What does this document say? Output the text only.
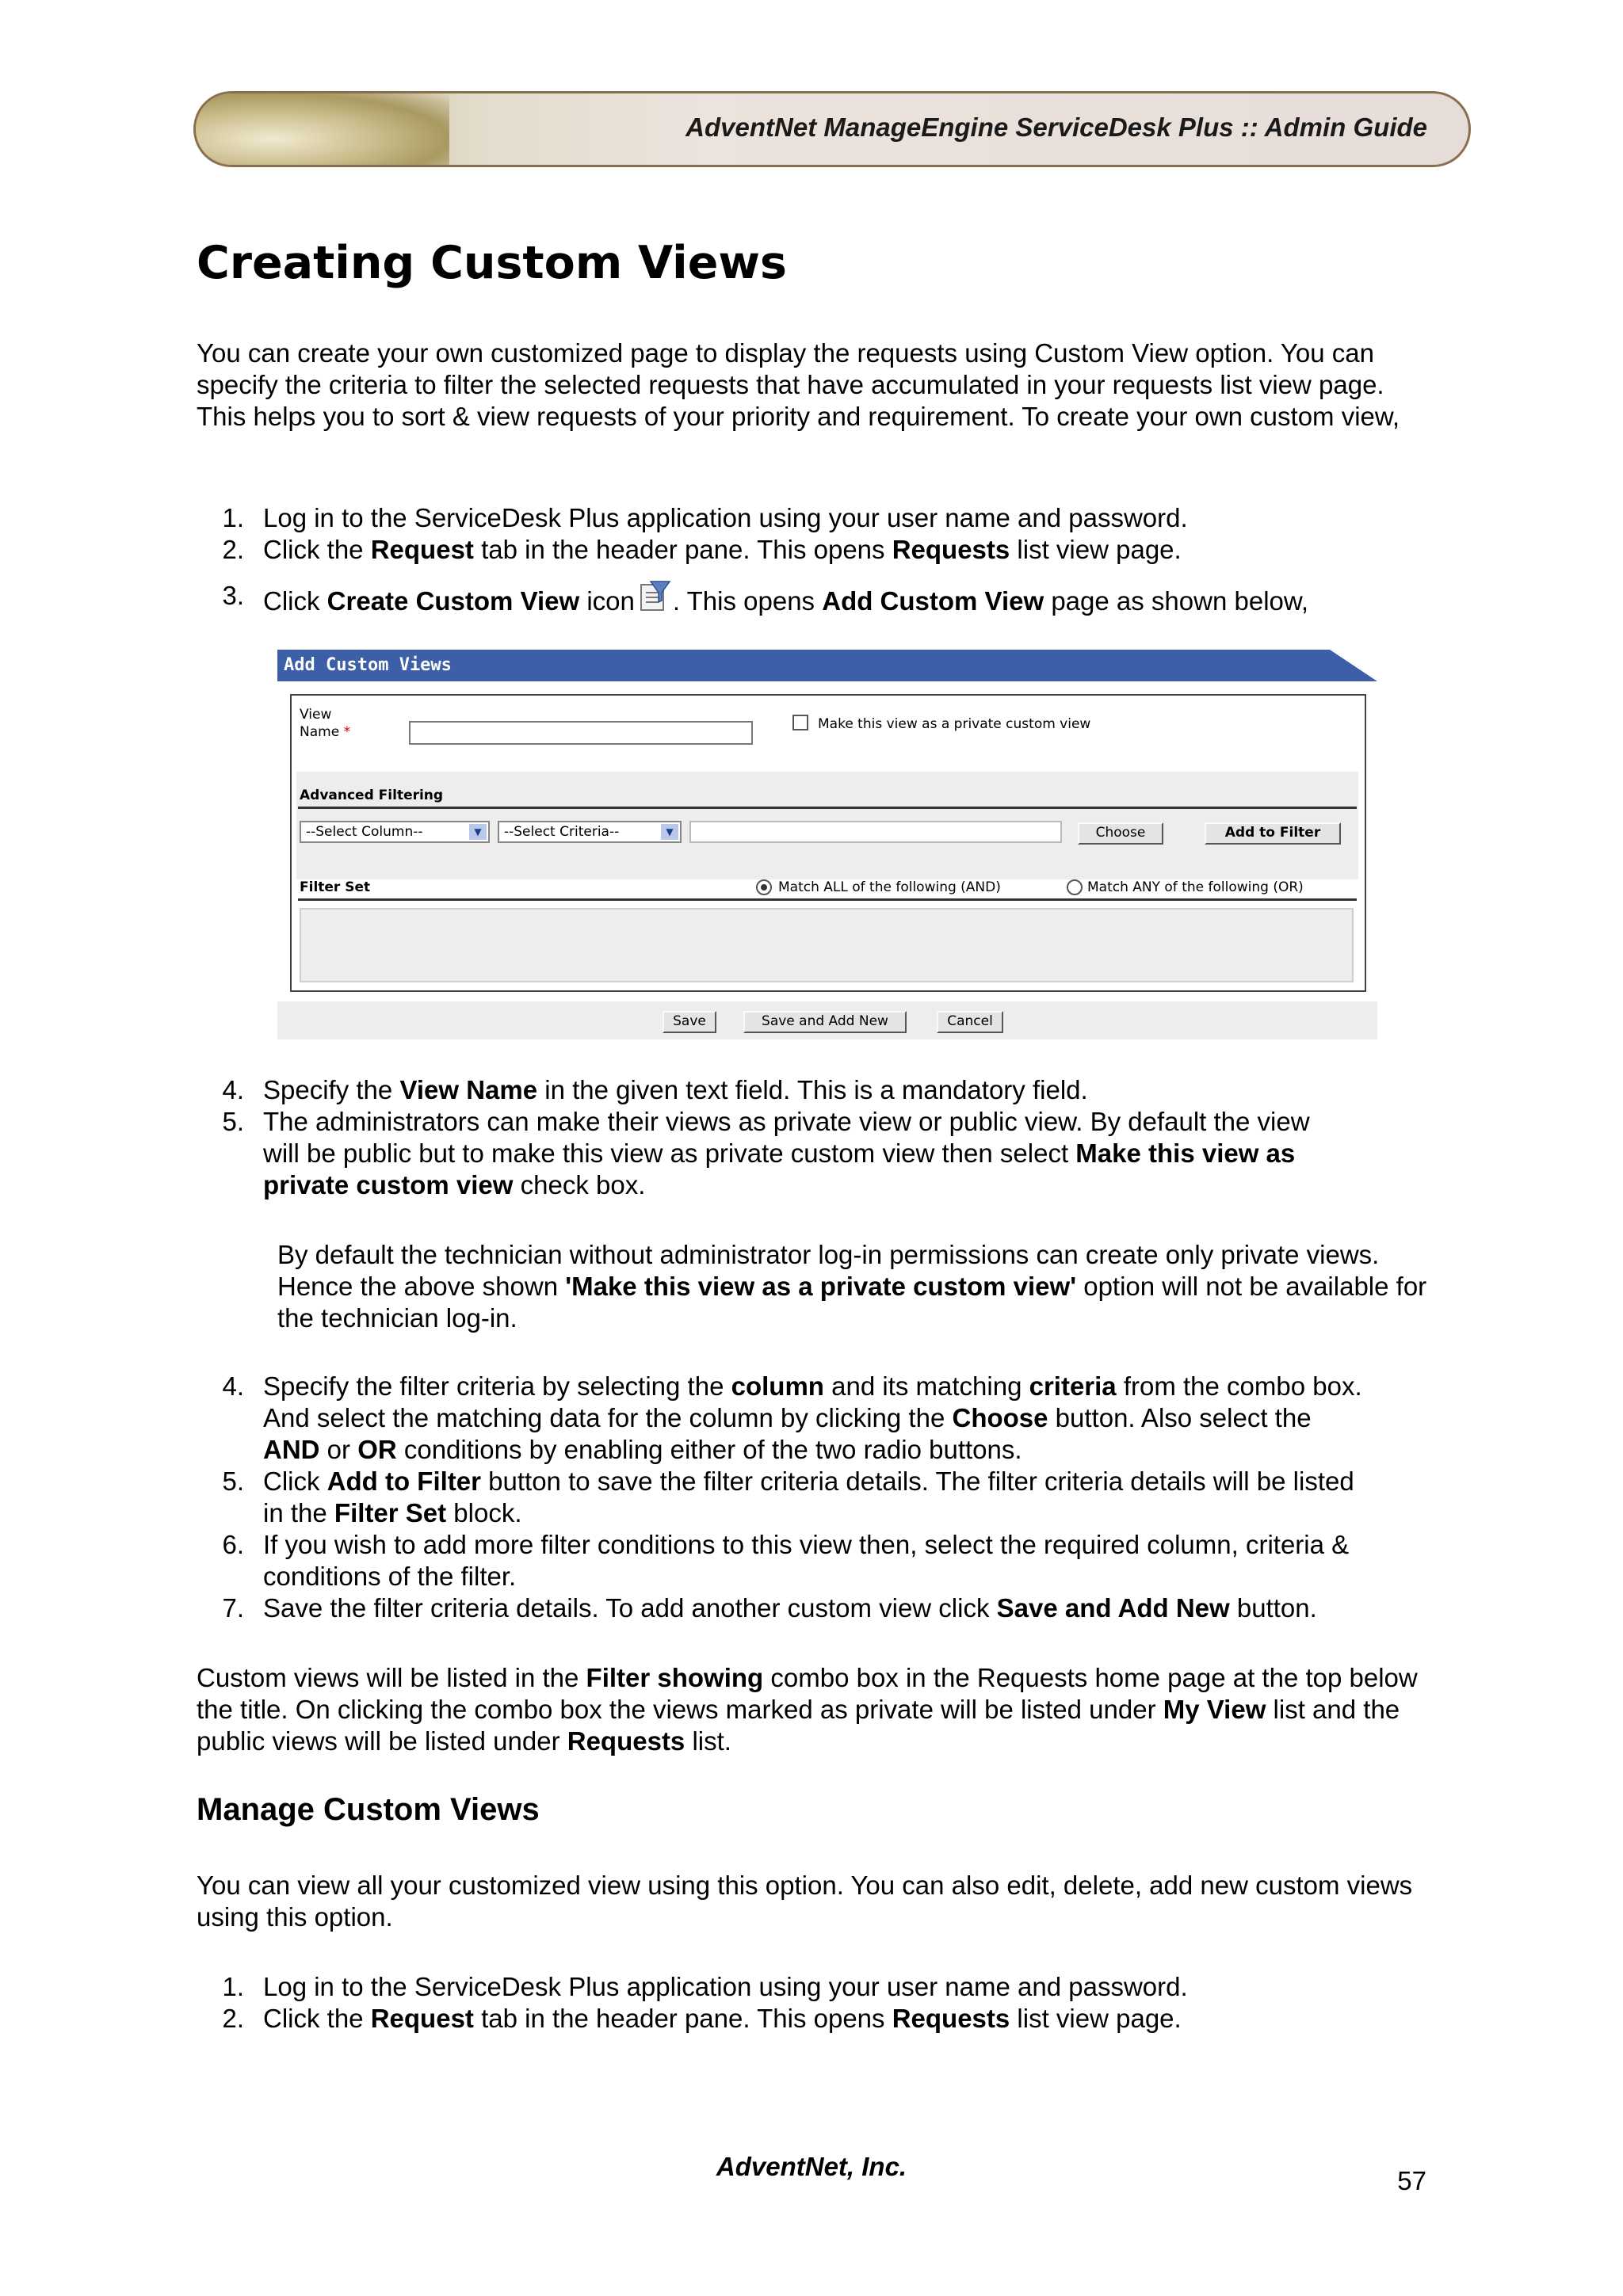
AdventNet ManageEngine ServiceDesk Plus :: Admin Guide
Creating Custom Views

You can create your own customized page to display the requests using Custom View option. You can specify the criteria to filter the selected requests that have accumulated in your requests list view page. This helps you to sort & view requests of your priority and requirement. To create your own custom view,

1. Log in to the ServiceDesk Plus application using your user name and password.
2. Click the Request tab in the header pane. This opens Requests list view page.
3. Click Create Custom View icon . This opens Add Custom View page as shown below,
Add Custom Views
View
Name *	Make this view as a private custom view
Advanced Filtering
--Select Column--	▼	--Select Criteria--	▼	Choose	Add to Filter
Filter Set	Match ALL of the following (AND)	Match ANY of the following (OR)
Save	Save and Add New	Cancel
4. Specify the View Name in the given text field. This is a mandatory field.
5. The administrators can make their views as private view or public view. By default the view
will be public but to make this view as private custom view then select Make this view as
private custom view check box.

By default the technician without administrator log-in permissions can create only private views. Hence the above shown 'Make this view as a private custom view' option will not be available for the technician log-in.

4. Specify the filter criteria by selecting the column and its matching criteria from the combo box. And select the matching data for the column by clicking the Choose button. Also select the AND or OR conditions by enabling either of the two radio buttons.
5. Click Add to Filter button to save the filter criteria details. The filter criteria details will be listed in the Filter Set block.
6. If you wish to add more filter conditions to this view then, select the required column, criteria & conditions of the filter.
7. Save the filter criteria details. To add another custom view click Save and Add New button.

Custom views will be listed in the Filter showing combo box in the Requests home page at the top below the title. On clicking the combo box the views marked as private will be listed under My View list and the public views will be listed under Requests list.

Manage Custom Views

You can view all your customized view using this option. You can also edit, delete, add new custom views using this option.

1. Log in to the ServiceDesk Plus application using your user name and password.
2. Click the Request tab in the header pane. This opens Requests list view page.
AdventNet, Inc.	57
